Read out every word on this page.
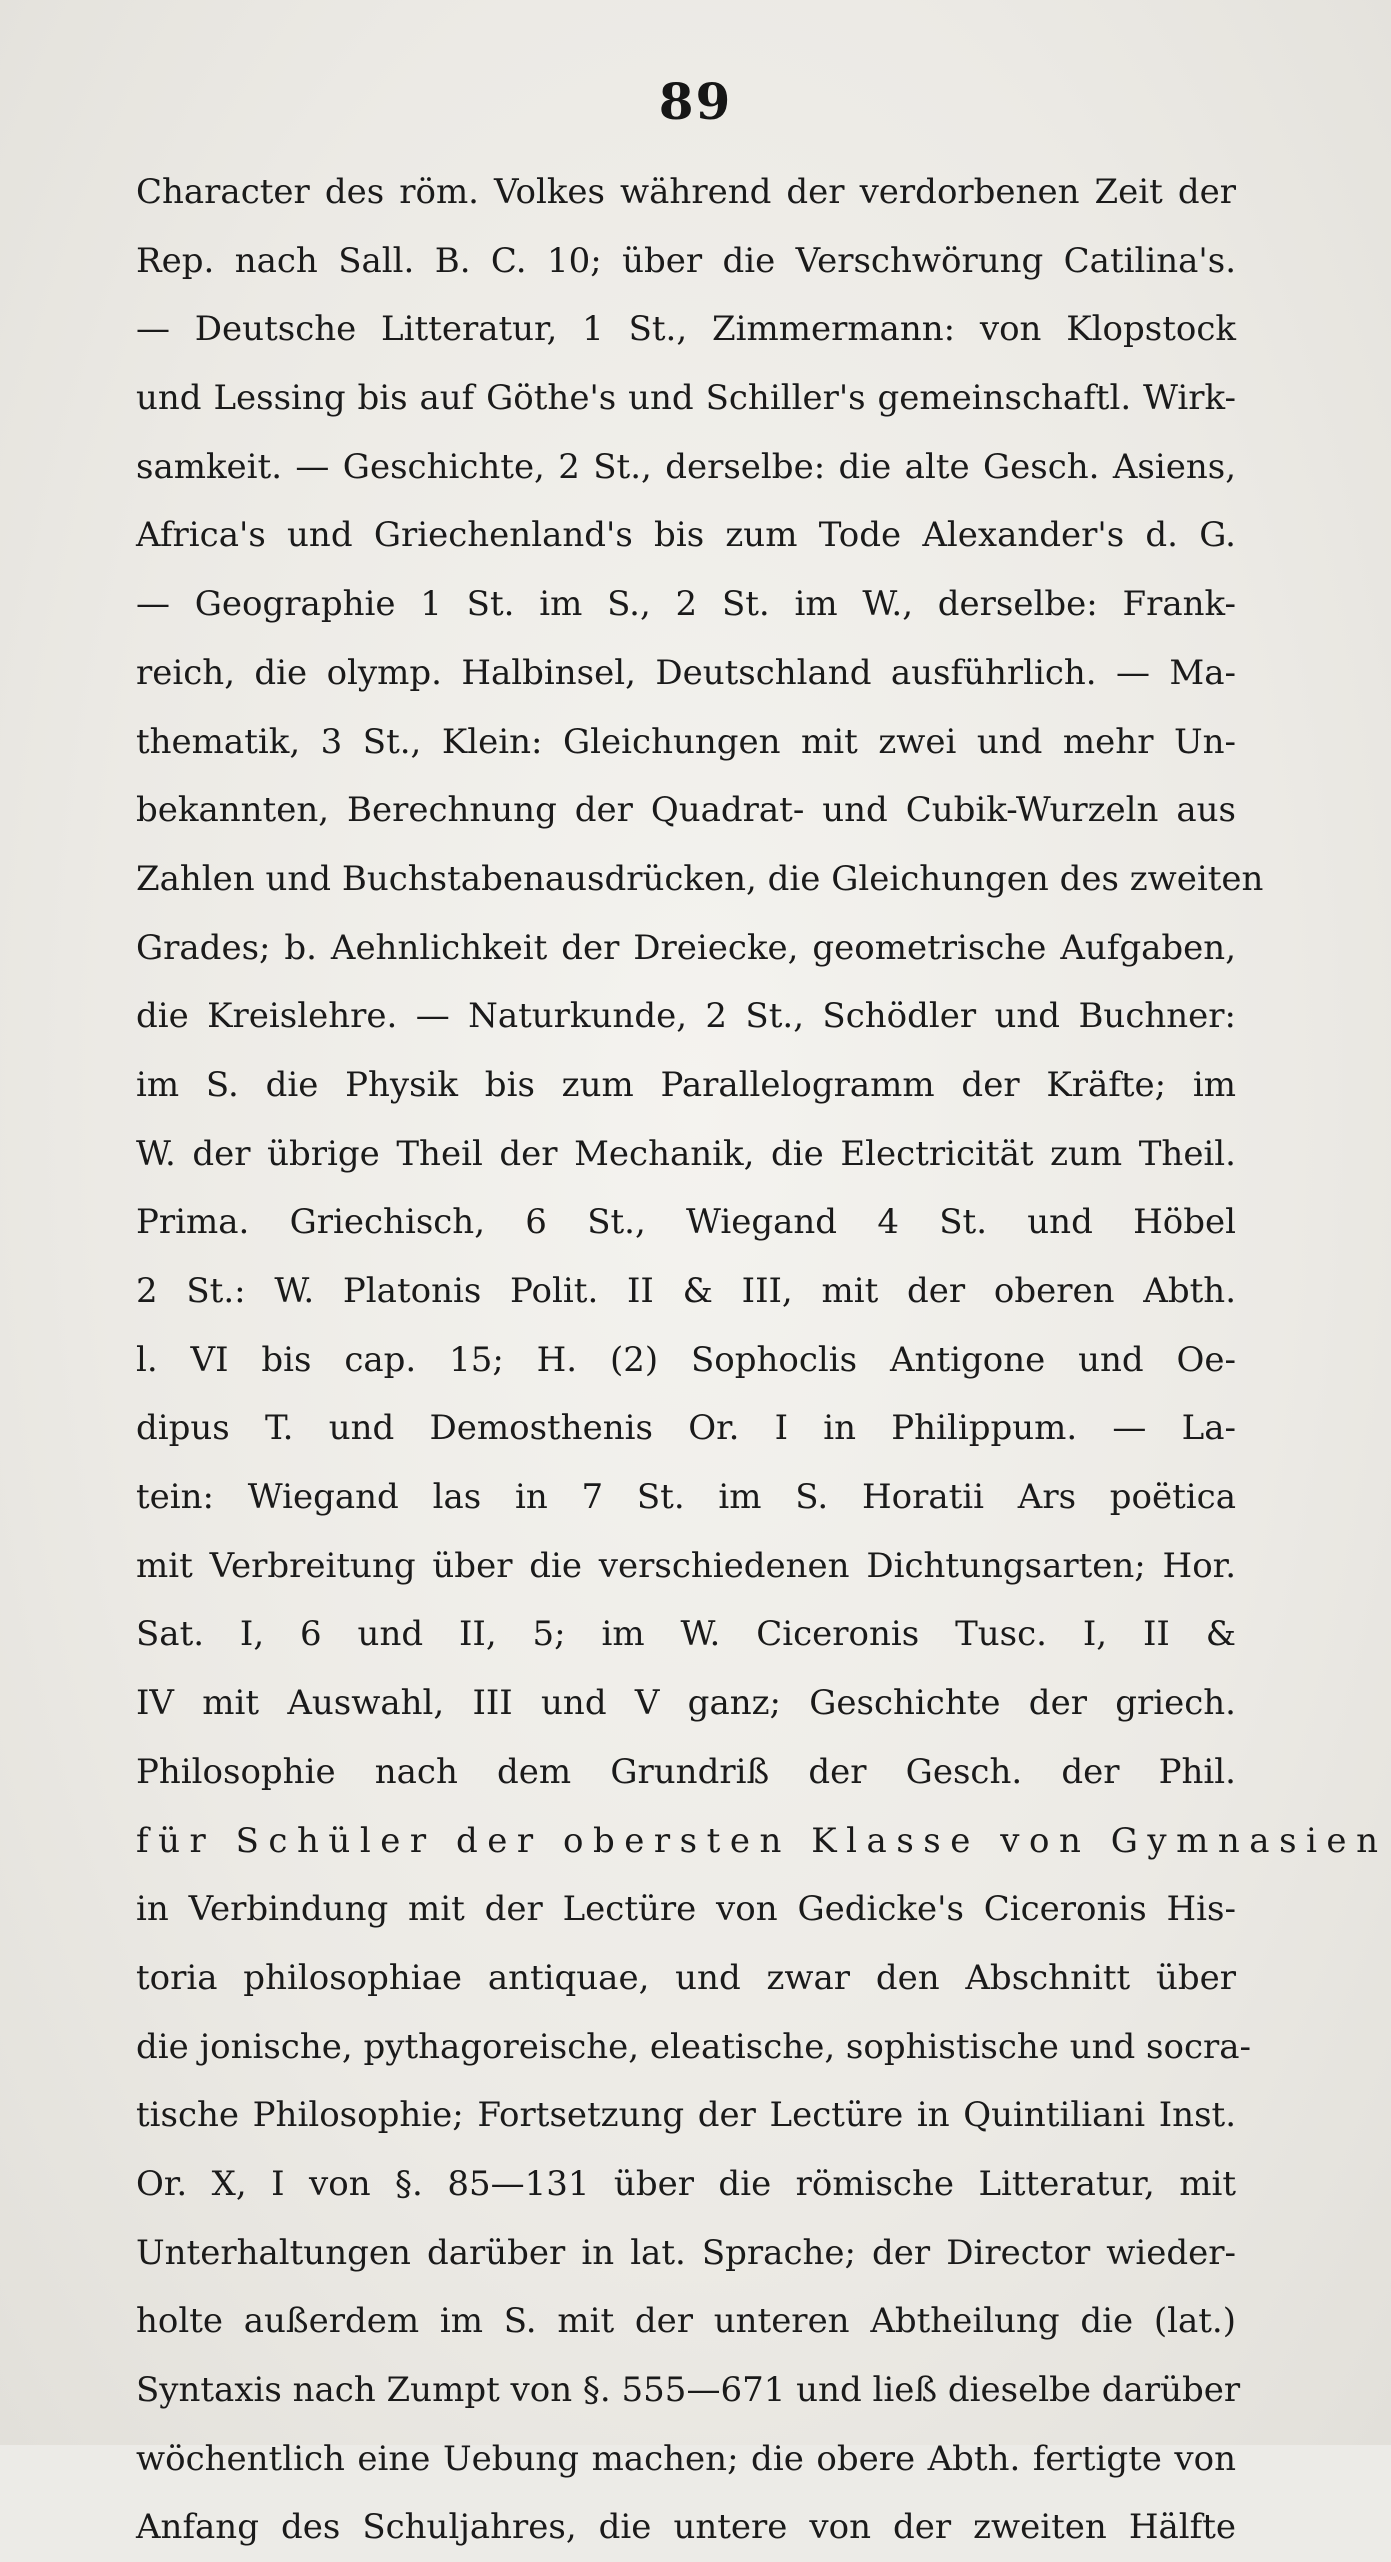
89
Character des röm. Volkes während der verdorbenen Zeit der
Rep. nach Sall. B. C. 10; über die Verschwörung Catilina's.
— Deutsche Litteratur, 1 St., Zimmermann: von Klopstock
und Lessing bis auf Göthe's und Schiller's gemeinschaftl. Wirk-
samkeit. — Geschichte, 2 St., derselbe: die alte Gesch. Asiens,
Africa's und Griechenland's bis zum Tode Alexander's d. G.
— Geographie 1 St. im S., 2 St. im W., derselbe: Frank-
reich, die olymp. Halbinsel, Deutschland ausführlich. — Ma-
thematik, 3 St., Klein: Gleichungen mit zwei und mehr Un-
bekannten, Berechnung der Quadrat- und Cubik-Wurzeln aus
Zahlen und Buchstabenausdrücken, die Gleichungen des zweiten
Grades; b. Aehnlichkeit der Dreiecke, geometrische Aufgaben,
die Kreislehre. — Naturkunde, 2 St., Schödler und Buchner:
im S. die Physik bis zum Parallelogramm der Kräfte; im
W. der übrige Theil der Mechanik, die Electricität zum Theil.
Prima. Griechisch, 6 St., Wiegand 4 St. und Höbel
2 St.: W. Platonis Polit. II & III, mit der oberen Abth.
l. VI bis cap. 15; H. (2) Sophoclis Antigone und Oe-
dipus T. und Demosthenis Or. I in Philippum. — La-
tein: Wiegand las in 7 St. im S. Horatii Ars poëtica
mit Verbreitung über die verschiedenen Dichtungsarten; Hor.
Sat. I, 6 und II, 5; im W. Ciceronis Tusc. I, II &
IV mit Auswahl, III und V ganz; Geschichte der griech.
Philosophie nach dem Grundriß der Gesch. der Phil.
für Schüler der obersten Klasse von Gymnasien
in Verbindung mit der Lectüre von Gedicke's Ciceronis His-
toria philosophiae antiquae, und zwar den Abschnitt über
die jonische, pythagoreische, eleatische, sophistische und socra-
tische Philosophie; Fortsetzung der Lectüre in Quintiliani Inst.
Or. X, I von §. 85—131 über die römische Litteratur, mit
Unterhaltungen darüber in lat. Sprache; der Director wieder-
holte außerdem im S. mit der unteren Abtheilung die (lat.)
Syntaxis nach Zumpt von §. 555—671 und ließ dieselbe darüber
wöchentlich eine Uebung machen; die obere Abth. fertigte von
Anfang des Schuljahres, die untere von der zweiten Hälfte
